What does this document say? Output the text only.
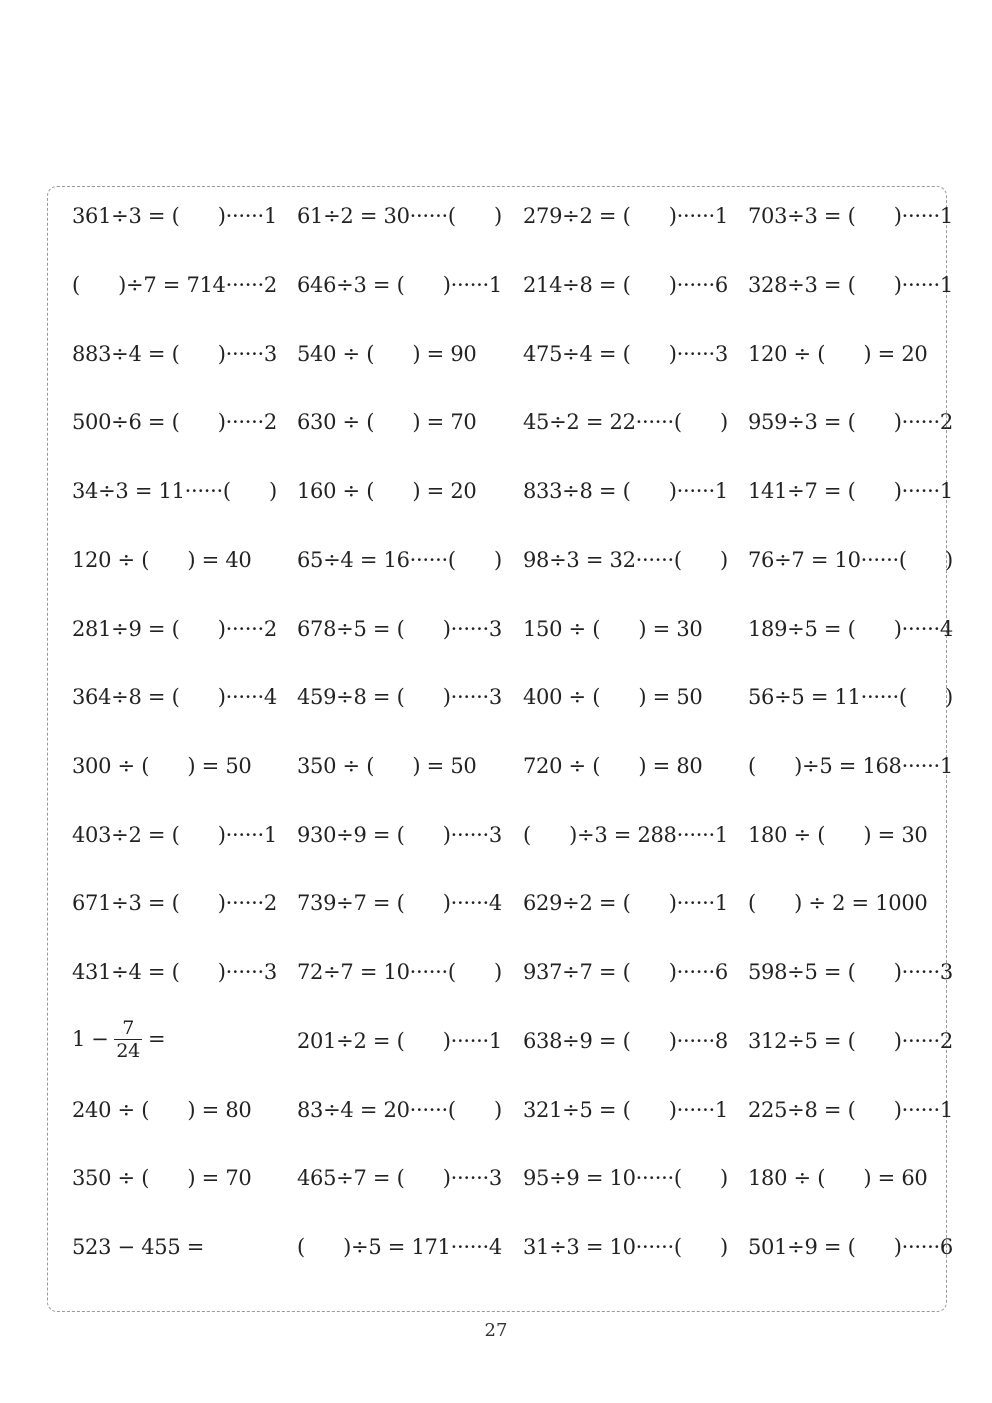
361÷3 = (      )······1 61÷2 = 30······(      ) 279÷2 = (      )······1 703÷3 = (      )······1
(      )÷7 = 714······2 646÷3 = (      )······1 214÷8 = (      )······6 328÷3 = (      )······1
883÷4 = (      )······3 540 ÷ (      ) = 90 475÷4 = (      )······3 120 ÷ (      ) = 20
500÷6 = (      )······2 630 ÷ (      ) = 70 45÷2 = 22······(      ) 959÷3 = (      )······2
34÷3 = 11······(      ) 160 ÷ (      ) = 20 833÷8 = (      )······1 141÷7 = (      )······1
120 ÷ (      ) = 40 65÷4 = 16······(      ) 98÷3 = 32······(      ) 76÷7 = 10······(      )
281÷9 = (      )······2 678÷5 = (      )······3 150 ÷ (      ) = 30 189÷5 = (      )······4
364÷8 = (      )······4 459÷8 = (      )······3 400 ÷ (      ) = 50 56÷5 = 11······(      )
300 ÷ (      ) = 50 350 ÷ (      ) = 50 720 ÷ (      ) = 80 (      )÷5 = 168······1
403÷2 = (      )······1 930÷9 = (      )······3 (      )÷3 = 288······1 180 ÷ (      ) = 30
671÷3 = (      )······2 739÷7 = (      )······4 629÷2 = (      )······1 (      ) ÷ 2 = 1000
431÷4 = (      )······3 72÷7 = 10······(      ) 937÷7 = (      )······6 598÷5 = (      )······3
$1 - \frac{7}{24}$ =	201÷2 = (      )······1 638÷9 = (      )······8 312÷5 = (      )······2
240 ÷ (      ) = 80 83÷4 = 20······(      ) 321÷5 = (      )······1 225÷8 = (      )······1
350 ÷ (      ) = 70 465÷7 = (      )······3 95÷9 = 10······(      ) 180 ÷ (      ) = 60
523 − 455 =	(      )÷5 = 171······4 31÷3 = 10······(      ) 501÷9 = (      )······6
27
